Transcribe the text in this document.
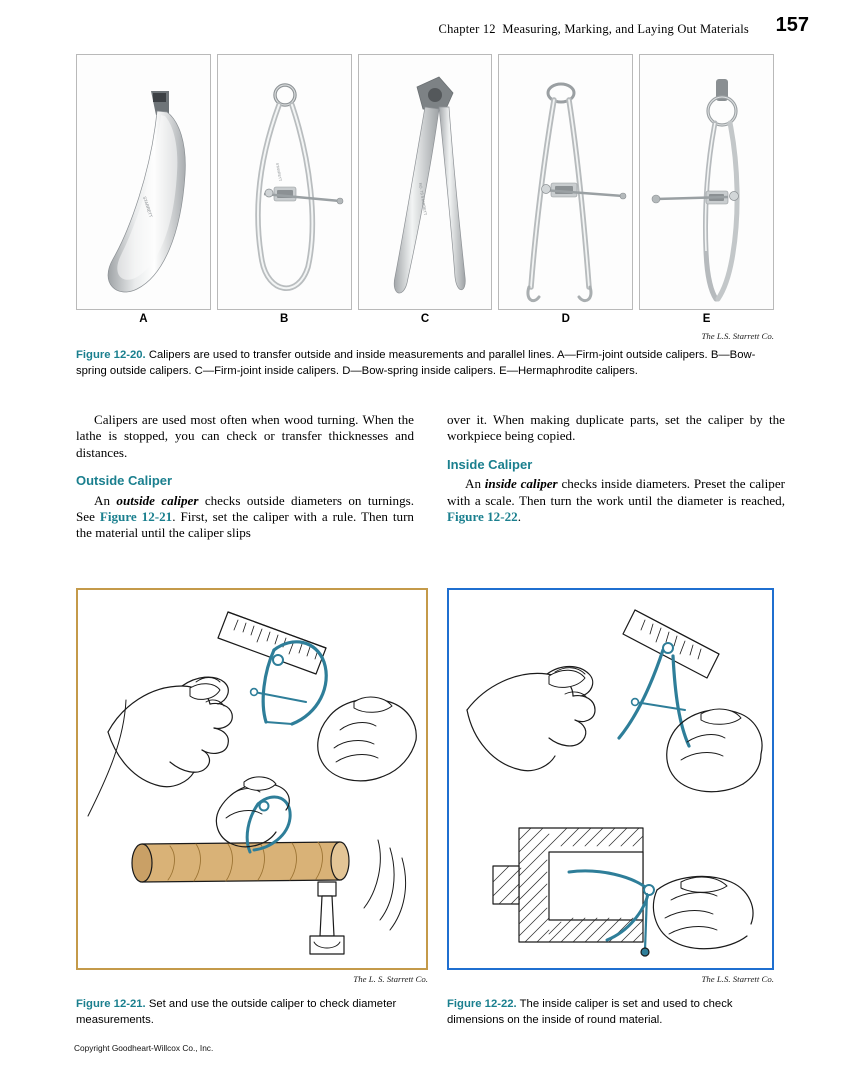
Chapter 12 Measuring, Marking, and Laying Out Materials 157
STARRETT
STARRETT
NO. 73 STARRETT
A	B	C	D	E
The L.S. Starrett Co.
Figure 12-20. Calipers are used to transfer outside and inside measurements and parallel lines. A—Firm-joint outside calipers. B—Bow-spring outside calipers. C—Firm-joint inside calipers. D—Bow-spring inside calipers. E—Hermaphrodite calipers.

Calipers are used most often when wood turning. When the lathe is stopped, you can check or transfer thicknesses and distances.

Outside Caliper

An outside caliper checks outside diameters on turnings. See Figure 12-21. First, set the caliper with a rule. Then turn the material until the caliper slips

over it. When making duplicate parts, set the caliper by the workpiece being copied.

Inside Caliper

An inside caliper checks inside diameters. Preset the caliper with a scale. Then turn the work until the diameter is reached, Figure 12-22.

The L. S. Starrett Co.	The L.S. Starrett Co.
Figure 12-21. Set and use the outside caliper to check diameter measurements.
Figure 12-22. The inside caliper is set and used to check dimensions on the inside of round material.
Copyright Goodheart-Willcox Co., Inc.
